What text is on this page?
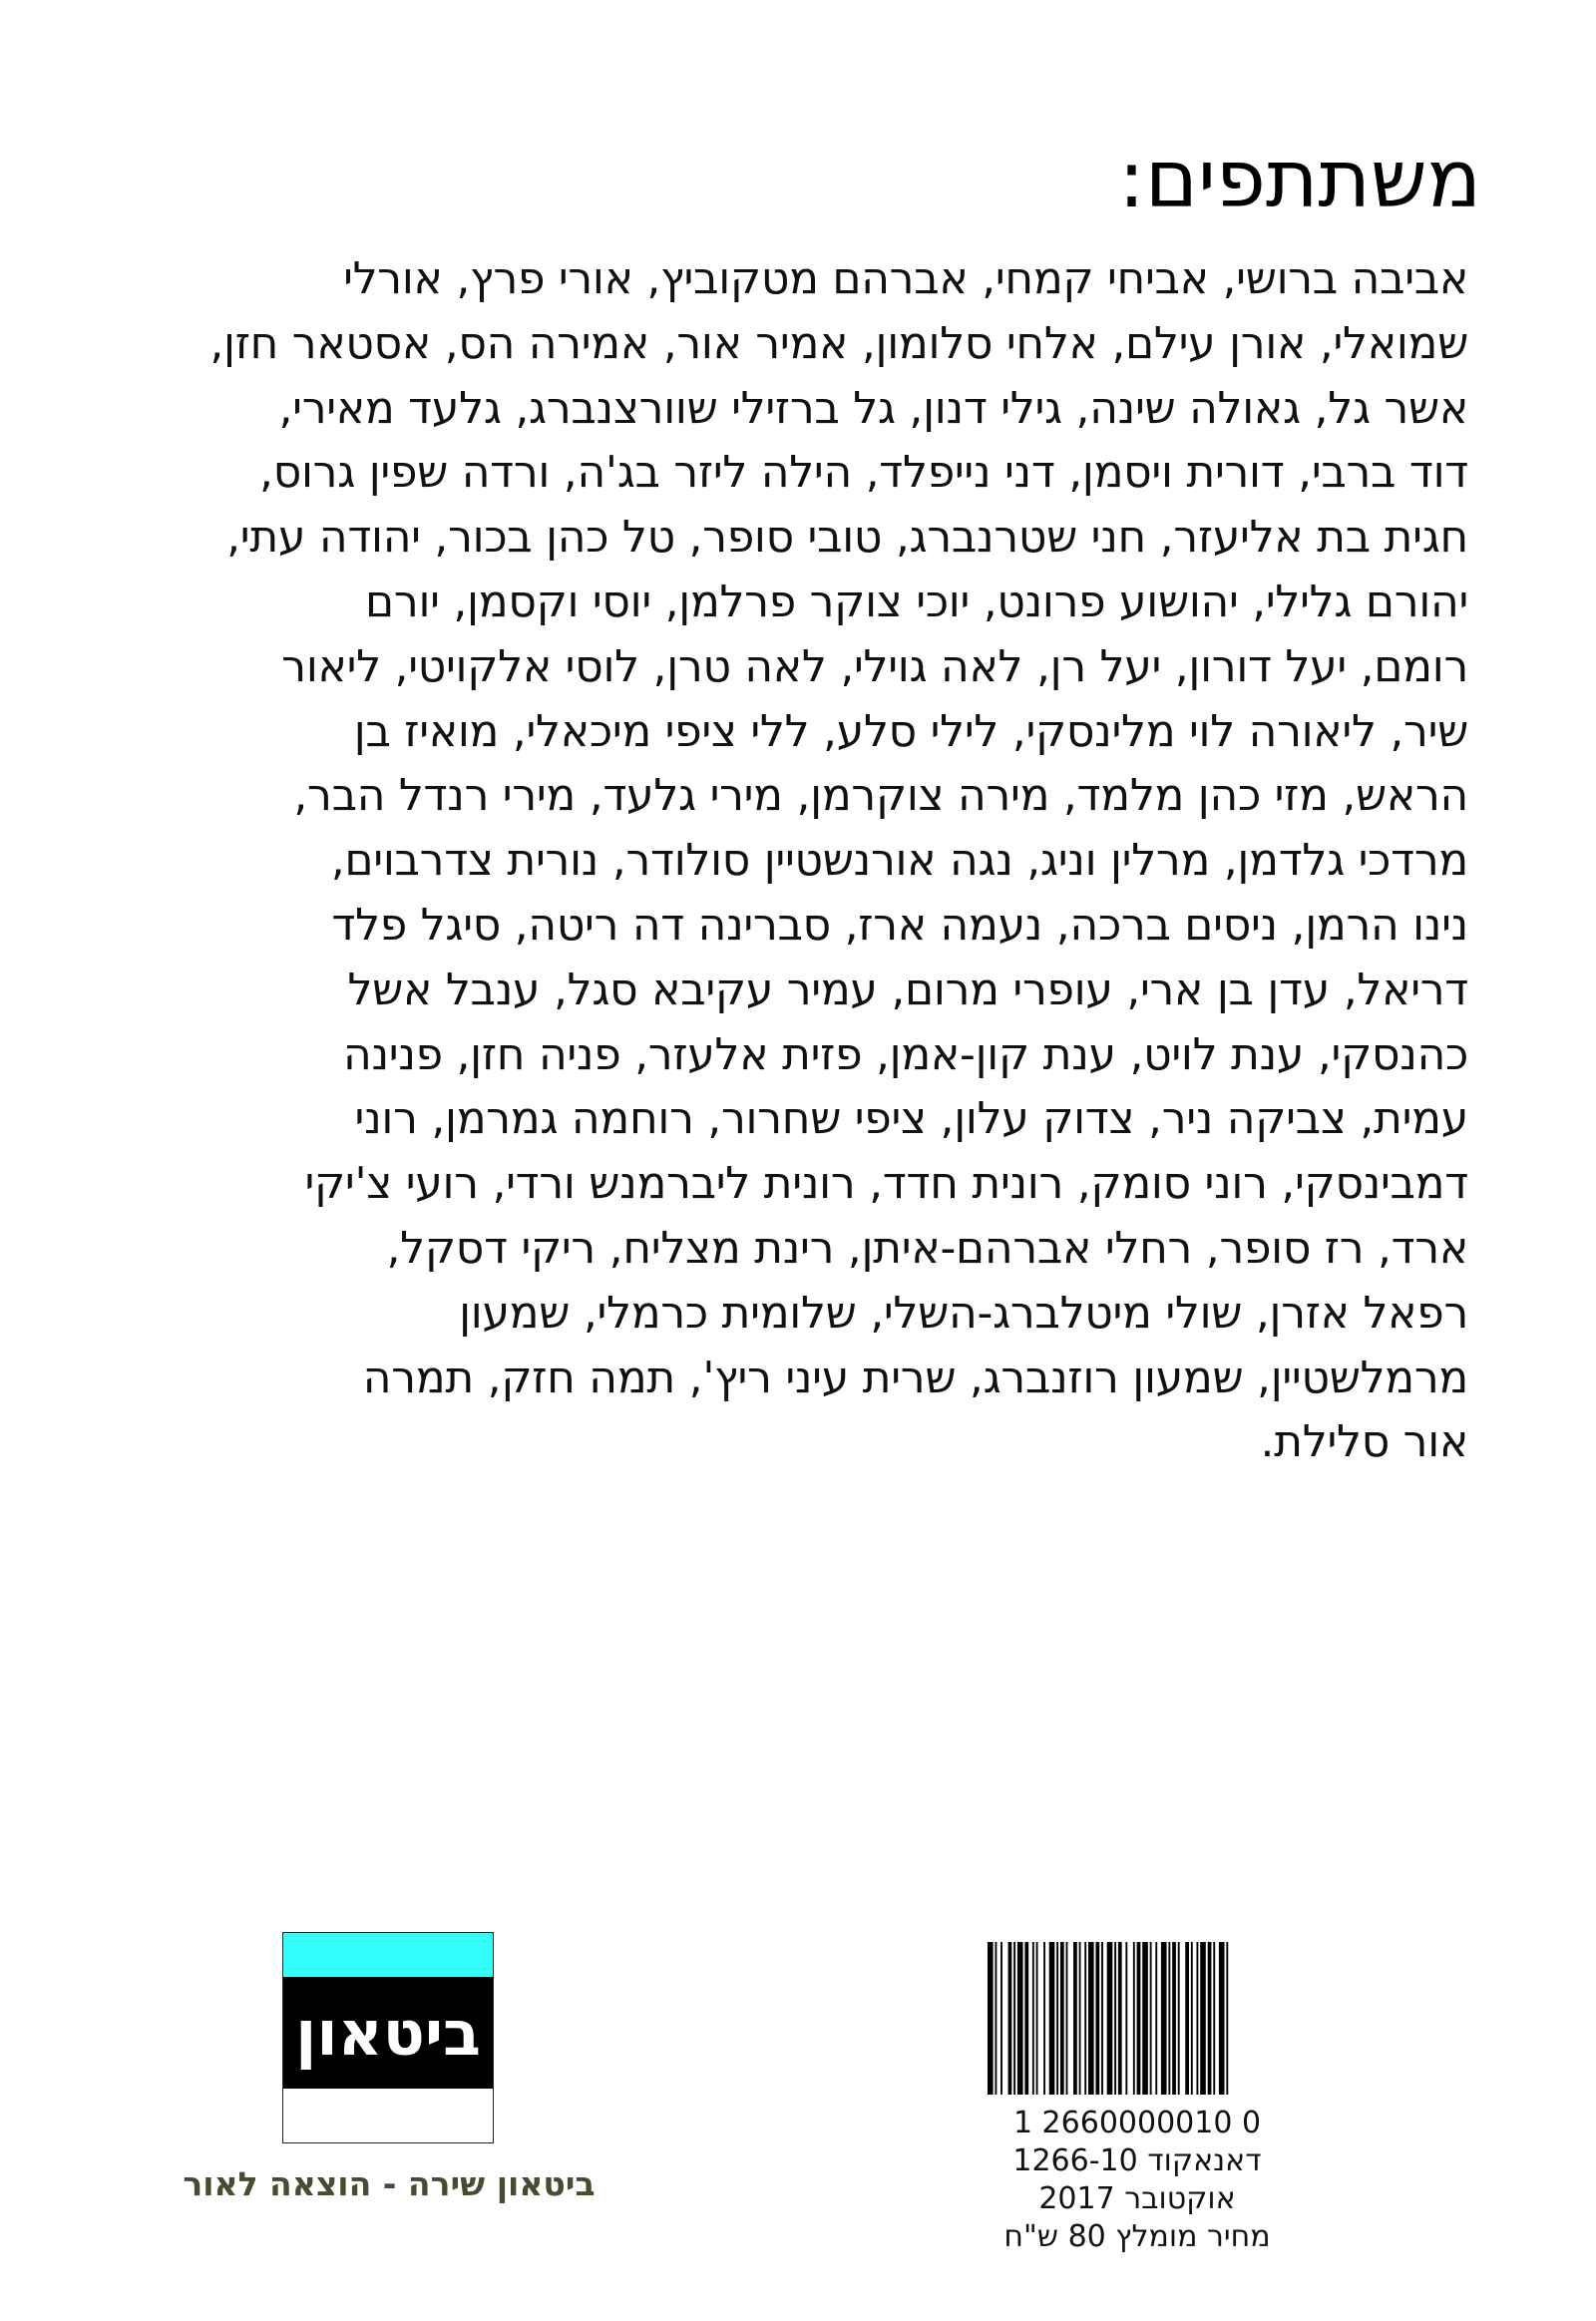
משתתפים:
אביבה ברושי, אביחי קמחי, אברהם מטקוביץ, אורי פרץ, אורלי
שמואלי, אורן עילם, אלחי סלומון, אמיר אור, אמירה הס, אסטאר חזן,
אשר גל, גאולה שינה, גילי דנון, גל ברזילי שוורצנברג, גלעד מאירי,
דוד ברבי, דורית ויסמן, דני נייפלד, הילה ליזר בג'ה, ורדה שפין גרוס,
חגית בת אליעזר, חני שטרנברג, טובי סופר, טל כהן בכור, יהודה עתי,
יהורם גלילי, יהושוע פרונט, יוכי צוקר פרלמן, יוסי וקסמן, יורם
רומם, יעל דורון, יעל רן, לאה גוילי, לאה טרן, לוסי אלקויטי, ליאור
שיר, ליאורה לוי מלינסקי, לילי סלע, ללי ציפי מיכאלי, מואיז בן
הראש, מזי כהן מלמד, מירה צוקרמן, מירי גלעד, מירי רנדל הבר,
מרדכי גלדמן, מרלין וניג, נגה אורנשטיין סולודר, נורית צדרבוים,
נינו הרמן, ניסים ברכה, נעמה ארז, סברינה דה ריטה, סיגל פלד
דריאל, עדן בן ארי, עופרי מרום, עמיר עקיבא סגל, ענבל אשל
כהנסקי, ענת לויט, ענת קון-אמן, פזית אלעזר, פניה חזן, פנינה
עמית, צביקה ניר, צדוק עלון, ציפי שחרור, רוחמה גמרמן, רוני
דמבינסקי, רוני סומק, רונית חדד, רונית ליברמנש ורדי, רועי צ'יקי
ארד, רז סופר, רחלי אברהם-איתן, רינת מצליח, ריקי דסקל,
רפאל אזרן, שולי מיטלברג-השלי, שלומית כרמלי, שמעון
מרמלשטיין, שמעון רוזנברג, שרית עיני ריץ', תמה חזק, תמרה
אור סלילת.
ביטאון
ביטאון שירה - הוצאה לאור
1 2660000010 0
דאנאקוד 1266-10
אוקטובר 2017
מחיר מומלץ 80 ש"ח
